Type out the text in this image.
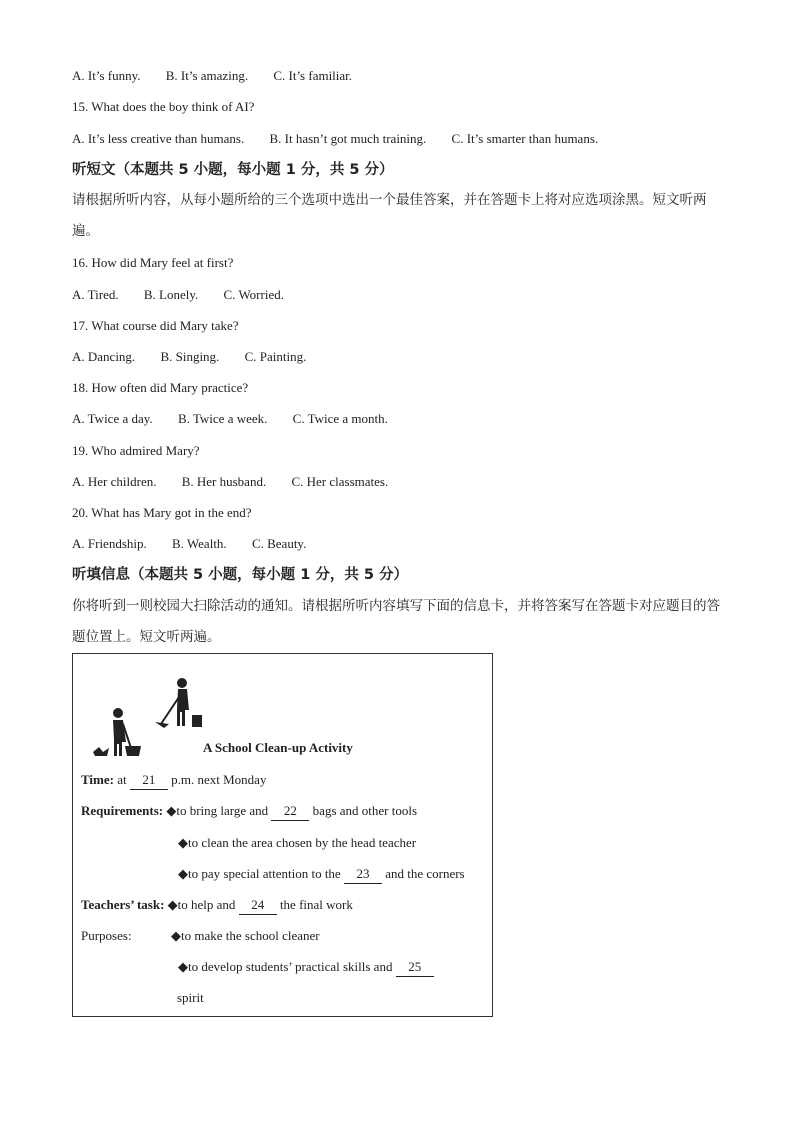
A. It’s funny. B. It’s amazing. C. It’s familiar.
15. What does the boy think of AI?
A. It’s less creative than humans. B. It hasn’t got much training. C. It’s smarter than humans.
听短文（本题共 5 小题，每小题 1 分，共 5 分）
请根据所听内容，从每小题所给的三个选项中选出一个最佳答案，并在答题卡上将对应选项涂黑。短文听两遍。
16. How did Mary feel at first?
A. Tired. B. Lonely. C. Worried.
17. What course did Mary take?
A. Dancing. B. Singing. C. Painting.
18. How often did Mary practice?
A. Twice a day. B. Twice a week. C. Twice a month.
19. Who admired Mary?
A. Her children. B. Her husband. C. Her classmates.
20. What has Mary got in the end?
A. Friendship. B. Wealth. C. Beauty.
听填信息（本题共 5 小题，每小题 1 分，共 5 分）
你将听到一则校园大扫除活动的通知。请根据所听内容填写下面的信息卡，并将答案写在答题卡对应题目的答题位置上。短文听两遍。
A School Clean-up Activity
Time: at 21 p.m. next Monday
Requirements: ◆to bring large and 22 bags and other tools
◆to clean the area chosen by the head teacher
◆to pay special attention to the 23 and the corners
Teachers’ task: ◆to help and 24 the final work
Purposes:	◆to make the school cleaner
◆to develop students’ practical skills and 25
spirit
